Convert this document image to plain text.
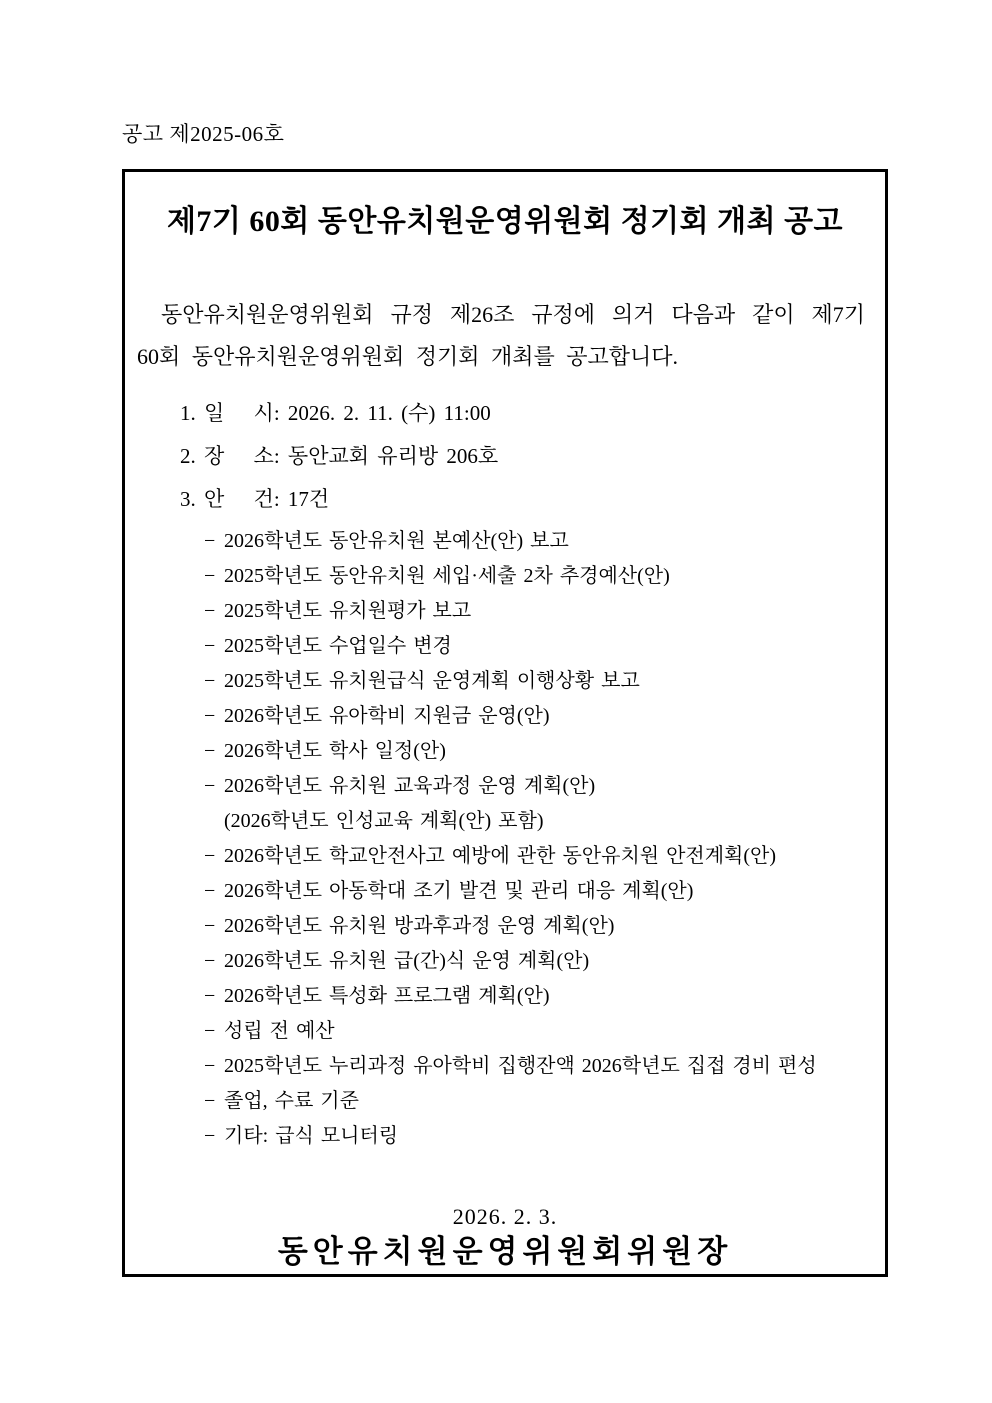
공고 제2025-06호
제7기 60회 동안유치원운영위원회 정기회 개최 공고
동안유치원운영위원회 규정 제26조 규정에 의거 다음과 같이 제7기
60회 동안유치원운영위원회 정기회 개최를 공고합니다.
1. 일　 시: 2026. 2. 11. (수) 11:00
2. 장　 소: 동안교회 유리방 206호
3. 안　 건: 17건
− 2026학년도 동안유치원 본예산(안) 보고
− 2025학년도 동안유치원 세입·세출 2차 추경예산(안)
− 2025학년도 유치원평가 보고
− 2025학년도 수업일수 변경
− 2025학년도 유치원급식 운영계획 이행상황 보고
− 2026학년도 유아학비 지원금 운영(안)
− 2026학년도 학사 일정(안)
− 2026학년도 유치원 교육과정 운영 계획(안)
(2026학년도 인성교육 계획(안) 포함)
− 2026학년도 학교안전사고 예방에 관한 동안유치원 안전계획(안)
− 2026학년도 아동학대 조기 발견 및 관리 대응 계획(안)
− 2026학년도 유치원 방과후과정 운영 계획(안)
− 2026학년도 유치원 급(간)식 운영 계획(안)
− 2026학년도 특성화 프로그램 계획(안)
− 성립 전 예산
− 2025학년도 누리과정 유아학비 집행잔액 2026학년도 집접 경비 편성
− 졸업, 수료 기준
− 기타: 급식 모니터링
2026. 2. 3.
동안유치원운영위원회위원장
